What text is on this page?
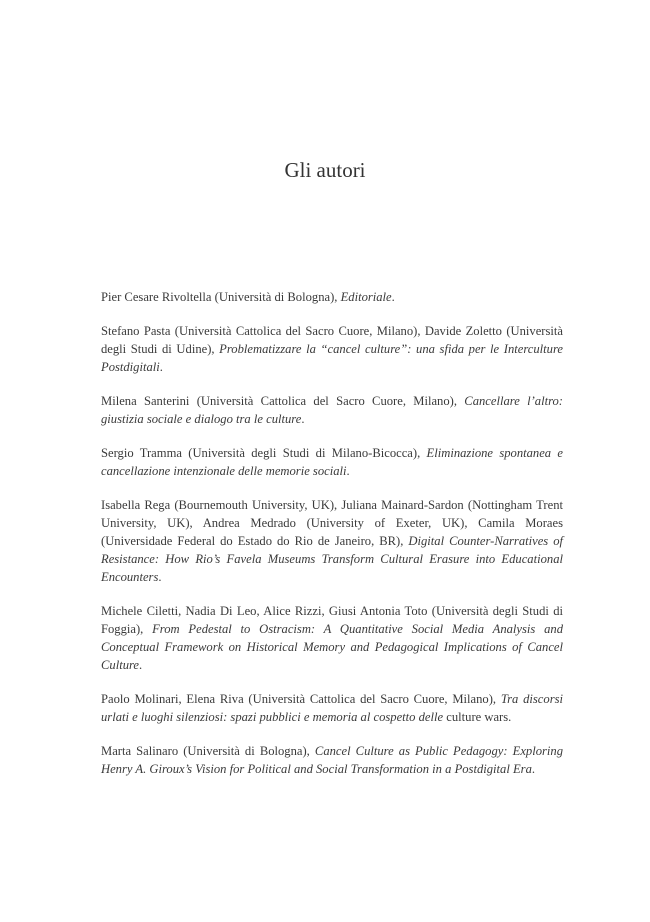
Gli autori

Pier Cesare Rivoltella (Università di Bologna), Editoriale.

Stefano Pasta (Università Cattolica del Sacro Cuore, Milano), Davide Zoletto (Università degli Studi di Udine), Problematizzare la “cancel culture”: una sfida per le Interculture Postdigitali.

Milena Santerini (Università Cattolica del Sacro Cuore, Milano), Cancellare l’altro: giustizia sociale e dialogo tra le culture.

Sergio Tramma (Università degli Studi di Milano-Bicocca), Eliminazione spontanea e cancellazione intenzionale delle memorie sociali.

Isabella Rega (Bournemouth University, UK), Juliana Mainard-Sardon (Nottingham Trent University, UK), Andrea Medrado (University of Exeter, UK), Camila Moraes (Universidade Federal do Estado do Rio de Janeiro, BR), Digital Counter-Narratives of Resistance: How Rio’s Favela Museums Transform Cultural Erasure into Educational Encounters.

Michele Ciletti, Nadia Di Leo, Alice Rizzi, Giusi Antonia Toto (Università degli Studi di Foggia), From Pedestal to Ostracism: A Quantitative Social Media Analysis and Conceptual Framework on Historical Memory and Pedagogical Implications of Cancel Culture.

Paolo Molinari, Elena Riva (Università Cattolica del Sacro Cuore, Milano), Tra discorsi urlati e luoghi silenziosi: spazi pubblici e memoria al cospetto delle culture wars.

Marta Salinaro (Università di Bologna), Cancel Culture as Public Pedagogy: Exploring Henry A. Giroux’s Vision for Political and Social Transformation in a Postdigital Era.
